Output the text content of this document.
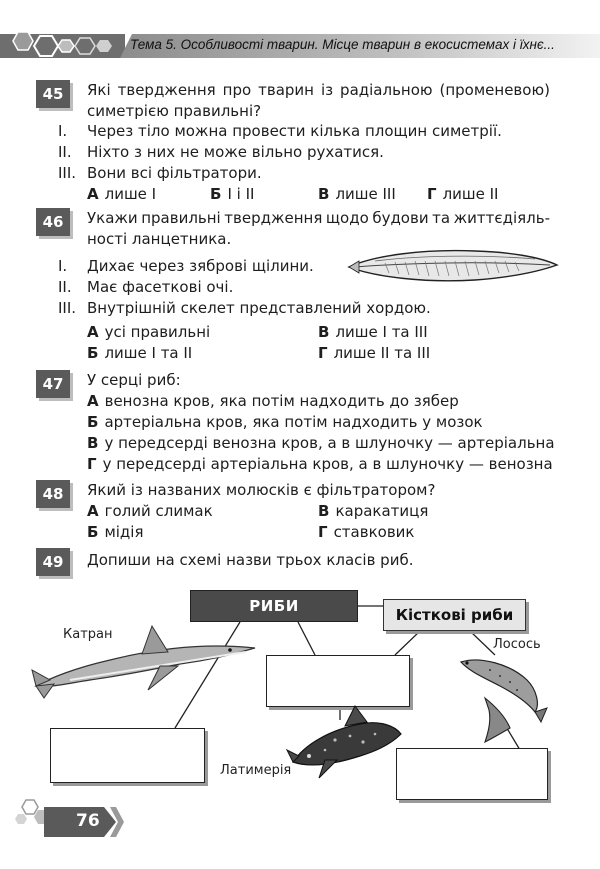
Тема 5. Особливості тварин. Місце тварин в екосистемах і їхнє...
45	Які твердження про тварин із радіальною (променевою)
симетрією правильні?
I. Через тіло можна провести кілька площин симетрії.
II. Ніхто з них не може вільно рухатися.
III. Вони всі фільтратори.
А лише I	Б I і II	В лише III Г лише II
46	Укажи правильні твердження щодо будови та життєдіяль-
ності ланцетника.
I. Дихає через зяброві щілини.
II. Має фасеткові очі.
III. Внутрішній скелет представлений хордою.
А усі правильні	В лише I та III
Б лише I та II	Г лише II та III
47	У серці риб:
А венозна кров, яка потім надходить до зябер
Б артеріальна кров, яка потім надходить у мозок
В у передсерді венозна кров, а в шлуночку — артеріальна
Г у передсерді артеріальна кров, а в шлуночку — венозна
48	Який із названих молюсків є фільтратором?
А голий слимак	В каракатиця
Б мідія	Г ставковик
49	Допиши на схемі назви трьох класів риб.
РИБИ	Кісткові риби
Катран
Лосось
Латимерія
76
